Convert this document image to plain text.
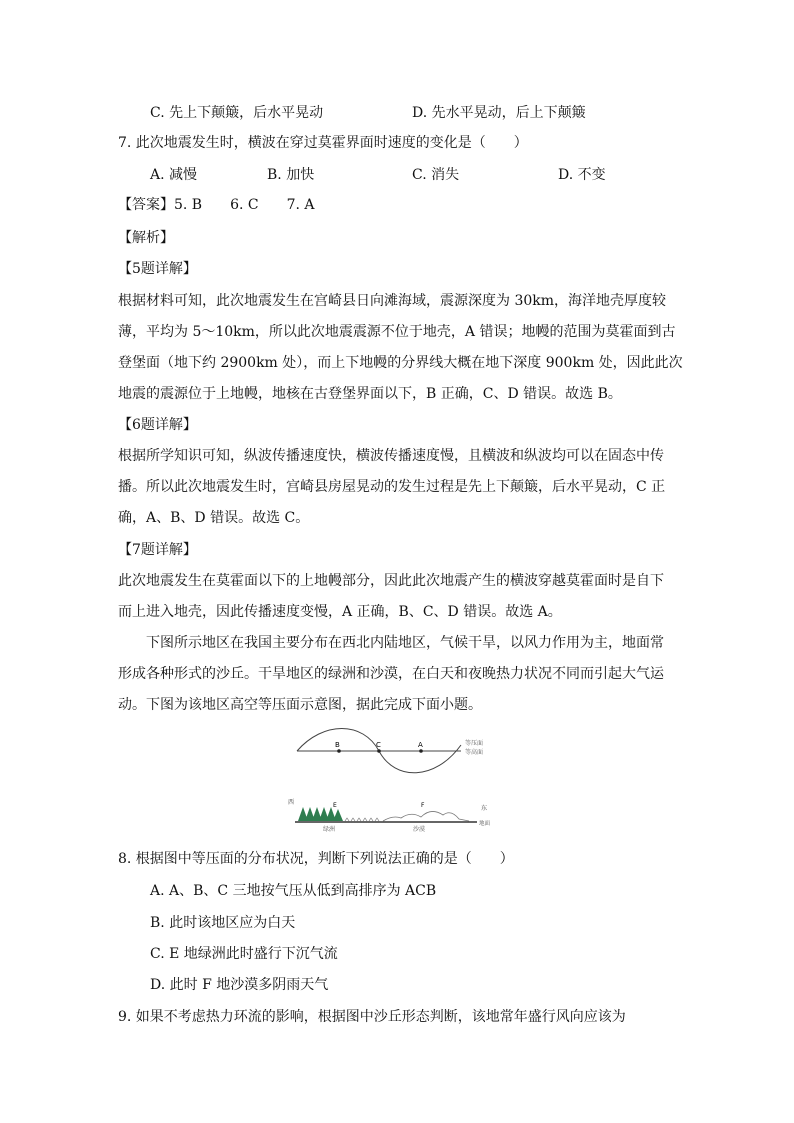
C. 先上下颠簸，后水平晃动	D. 先水平晃动，后上下颠簸
7. 此次地震发生时，横波在穿过莫霍界面时速度的变化是（　　）
A. 减慢	B. 加快	C. 消失	D. 不变
【答案】5. B　　6. C　　7. A
【解析】
【5题详解】
根据材料可知，此次地震发生在宫崎县日向滩海域，震源深度为 30km，海洋地壳厚度较
薄，平均为 5～10km，所以此次地震震源不位于地壳，A 错误；地幔的范围为莫霍面到古
登堡面（地下约 2900km 处），而上下地幔的分界线大概在地下深度 900km 处，因此此次
地震的震源位于上地幔，地核在古登堡界面以下，B 正确，C、D 错误。故选 B。
【6题详解】
根据所学知识可知，纵波传播速度快，横波传播速度慢，且横波和纵波均可以在固态中传
播。所以此次地震发生时，宫崎县房屋晃动的发生过程是先上下颠簸，后水平晃动，C 正
确，A、B、D 错误。故选 C。
【7题详解】
此次地震发生在莫霍面以下的上地幔部分，因此此次地震产生的横波穿越莫霍面时是自下
而上进入地壳，因此传播速度变慢，A 正确，B、C、D 错误。故选 A。
下图所示地区在我国主要分布在西北内陆地区，气候干旱，以风力作用为主，地面常
形成各种形式的沙丘。干旱地区的绿洲和沙漠，在白天和夜晚热力状况不同而引起大气运
动。下图为该地区高空等压面示意图，据此完成下面小题。
B	C	A	等压面
等高面
西
东
E	F
绿洲	沙漠
地面
8. 根据图中等压面的分布状况，判断下列说法正确的是（　　）
A. A、B、C 三地按气压从低到高排序为 ACB
B. 此时该地区应为白天
C. E 地绿洲此时盛行下沉气流
D. 此时 F 地沙漠多阴雨天气
9. 如果不考虑热力环流的影响，根据图中沙丘形态判断，该地常年盛行风向应该为
